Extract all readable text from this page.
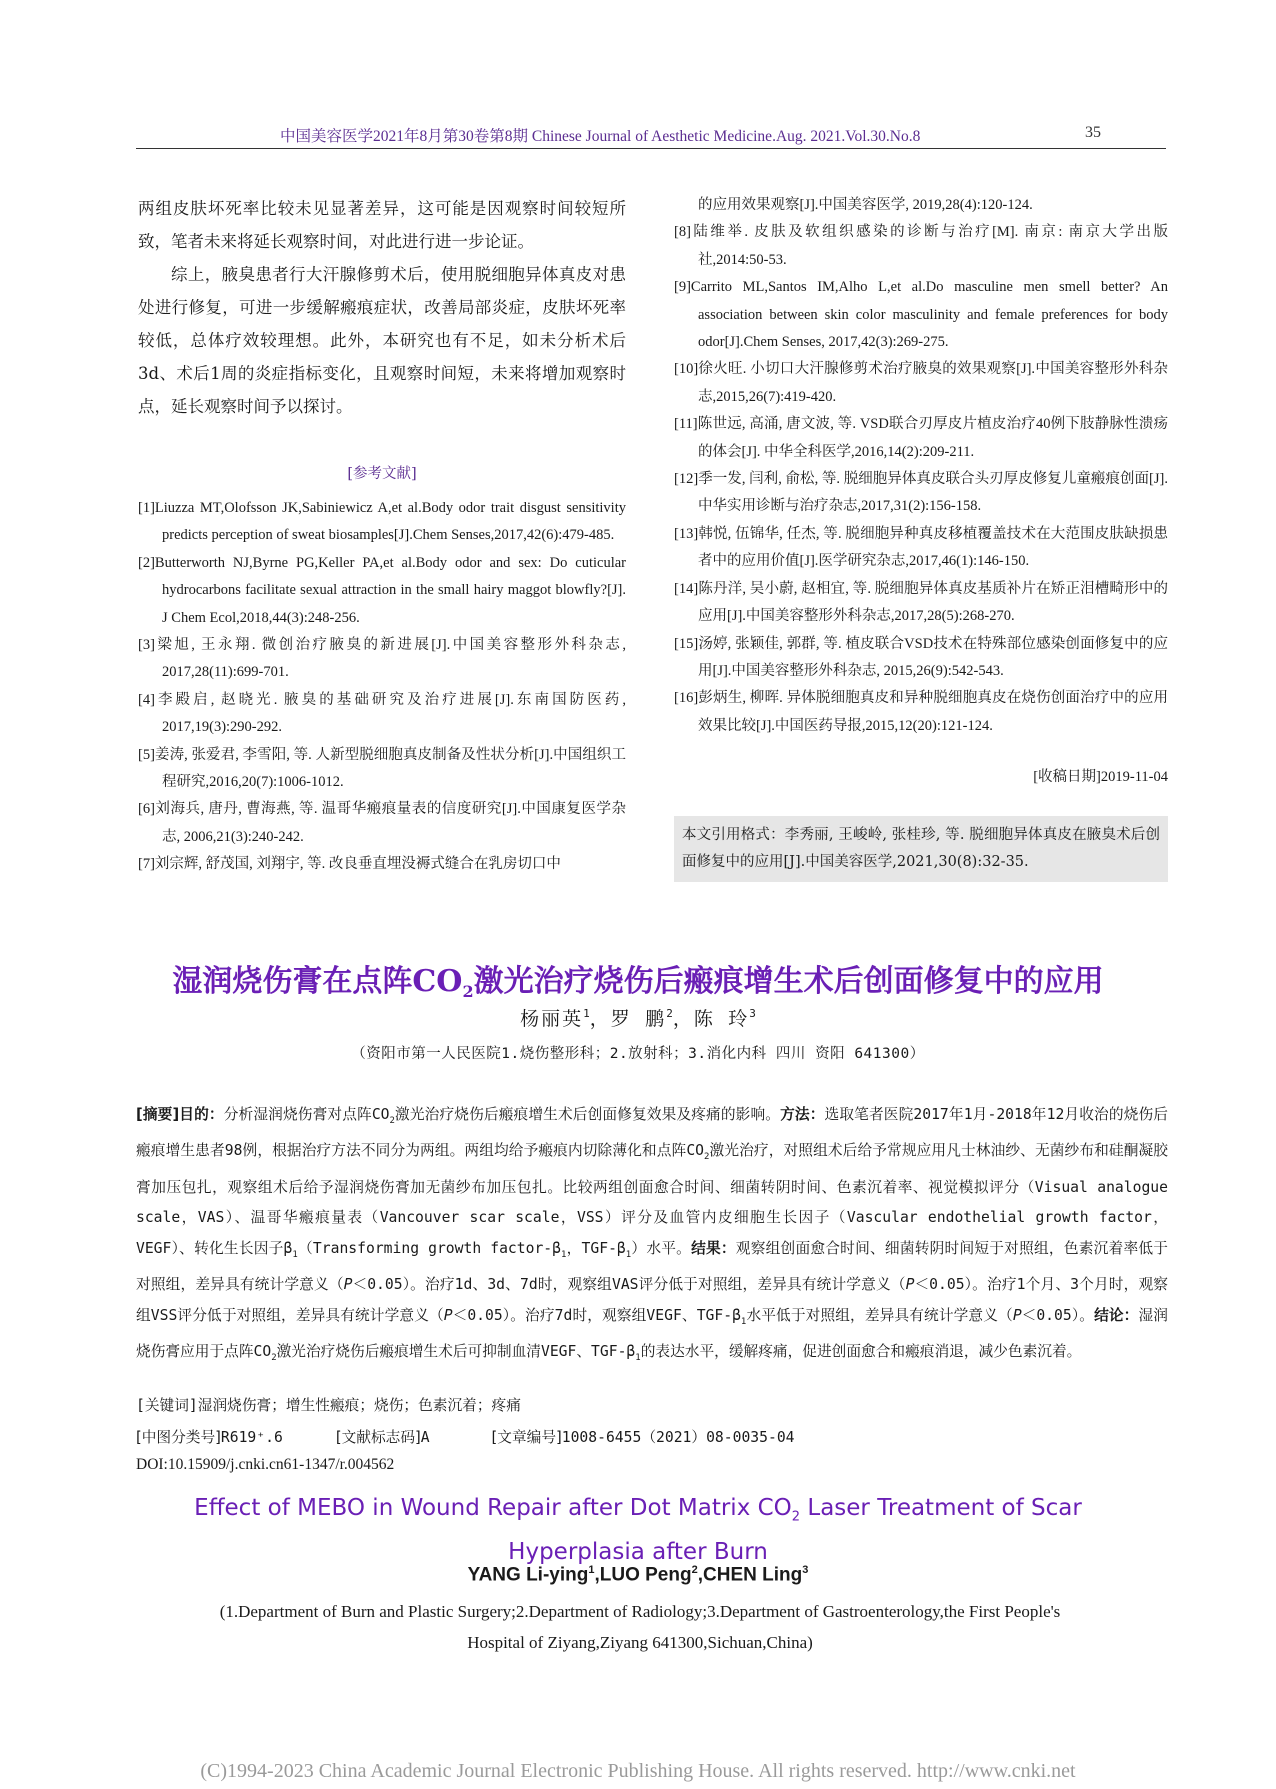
中国美容医学2021年8月第30卷第8期 Chinese Journal of Aesthetic Medicine.Aug. 2021.Vol.30.No.8	35

两组皮肤坏死率比较未见显著差异，这可能是因观察时间较短所致，笔者未来将延长观察时间，对此进行进一步论证。

综上，腋臭患者行大汗腺修剪术后，使用脱细胞异体真皮对患处进行修复，可进一步缓解瘢痕症状，改善局部炎症，皮肤坏死率较低，总体疗效较理想。此外，本研究也有不足，如未分析术后3d、术后1周的炎症指标变化，且观察时间短，未来将增加观察时点，延长观察时间予以探讨。

[参考文献]

[1]Liuzza MT,Olofsson JK,Sabiniewicz A,et al.Body odor trait disgust sensitivity predicts perception of sweat biosamples[J].Chem Senses,2017,42(6):479-485.

[2]Butterworth NJ,Byrne PG,Keller PA,et al.Body odor and sex: Do cuticular hydrocarbons facilitate sexual attraction in the small hairy maggot blowfly?[J]. J Chem Ecol,2018,44(3):248-256.

[3]梁旭, 王永翔. 微创治疗腋臭的新进展[J].中国美容整形外科杂志, 2017,28(11):699-701.

[4]李殿启, 赵晓光. 腋臭的基础研究及治疗进展[J].东南国防医药, 2017,19(3):290-292.

[5]姜涛, 张爱君, 李雪阳, 等. 人新型脱细胞真皮制备及性状分析[J].中国组织工程研究,2016,20(7):1006-1012.

[6]刘海兵, 唐丹, 曹海燕, 等. 温哥华瘢痕量表的信度研究[J].中国康复医学杂志, 2006,21(3):240-242.

[7]刘宗辉, 舒茂国, 刘翔宇, 等. 改良垂直埋没褥式缝合在乳房切口中

的应用效果观察[J].中国美容医学, 2019,28(4):120-124.

[8]陆维举. 皮肤及软组织感染的诊断与治疗[M]. 南京: 南京大学出版社,2014:50-53.

[9]Carrito ML,Santos IM,Alho L,et al.Do masculine men smell better? An association between skin color masculinity and female preferences for body odor[J].Chem Senses, 2017,42(3):269-275.

[10]徐火旺. 小切口大汗腺修剪术治疗腋臭的效果观察[J].中国美容整形外科杂志,2015,26(7):419-420.

[11]陈世远, 高涌, 唐文波, 等. VSD联合刃厚皮片植皮治疗40例下肢静脉性溃疡的体会[J]. 中华全科医学,2016,14(2):209-211.

[12]季一发, 闫利, 俞松, 等. 脱细胞异体真皮联合头刃厚皮修复儿童瘢痕创面[J].中华实用诊断与治疗杂志,2017,31(2):156-158.

[13]韩悦, 伍锦华, 任杰, 等. 脱细胞异种真皮移植覆盖技术在大范围皮肤缺损患者中的应用价值[J].医学研究杂志,2017,46(1):146-150.

[14]陈丹洋, 吴小蔚, 赵相宜, 等. 脱细胞异体真皮基质补片在矫正泪槽畸形中的应用[J].中国美容整形外科杂志,2017,28(5):268-270.

[15]汤婷, 张颖佳, 郭群, 等. 植皮联合VSD技术在特殊部位感染创面修复中的应用[J].中国美容整形外科杂志, 2015,26(9):542-543.

[16]彭炳生, 柳晖. 异体脱细胞真皮和异种脱细胞真皮在烧伤创面治疗中的应用效果比较[J].中国医药导报,2015,12(20):121-124.

[收稿日期]2019-11-04
本文引用格式：李秀丽, 王峻岭, 张桂珍, 等. 脱细胞异体真皮在腋臭术后创面修复中的应用[J].中国美容医学,2021,30(8):32-35.
湿润烧伤膏在点阵$CO_2$激光治疗烧伤后瘢痕增生术后创面修复中的应用
杨丽英$^1$，罗 鹏$^2$，陈 玲$^3$
（资阳市第一人民医院1.烧伤整形科；2.放射科；3.消化内科 四川 资阳 641300）
[摘要]目的：分析湿润烧伤膏对点阵$CO_2$激光治疗烧伤后瘢痕增生术后创面修复效果及疼痛的影响。方法：选取笔者医院2017年1月-2018年12月收治的烧伤后瘢痕增生患者98例，根据治疗方法不同分为两组。两组均给予瘢痕内切除薄化和点阵$CO_2$激光治疗，对照组术后给予常规应用凡士林油纱、无菌纱布和硅酮凝胶膏加压包扎，观察组术后给予湿润烧伤膏加无菌纱布加压包扎。比较两组创面愈合时间、细菌转阴时间、色素沉着率、视觉模拟评分（Visual analogue scale，VAS）、温哥华瘢痕量表（Vancouver scar scale，VSS）评分及血管内皮细胞生长因子（Vascular endothelial growth factor，VEGF）、转化生长因子$\beta_1(Transforming$ growth factor-$\beta_1$，TGF-$\beta_1$）水平。结果：观察组创面愈合时间、细菌转阴时间短于对照组，色素沉着率低于对照组，差异具有统计学意义（P＜0.05）。治疗1d、3d、7d时，观察组VAS评分低于对照组，差异具有统计学意义（P＜0.05）。治疗1个月、3个月时，观察组VSS评分低于对照组，差异具有统计学意义（P＜0.05）。治疗7d时，观察组VEGF、TGF-$\beta_1$水平低于对照组，差异具有统计学意义（P＜0.05）。结论：湿润烧伤膏应用于点阵$CO_2$激光治疗烧伤后瘢痕增生术后可抑制血清VEGF、TGF-$\beta_1$的表达水平，缓解疼痛，促进创面愈合和瘢痕消退，减少色素沉着。
[关键词]湿润烧伤膏；增生性瘢痕；烧伤；色素沉着；疼痛
[中图分类号]R619⁺.6	[文献标志码]A	[文章编号]1008-6455（2021）08-0035-04
DOI:10.15909/j.cnki.cn61-1347/r.004562
Effect of MEBO in Wound Repair after Dot Matrix $CO_2$ Laser Treatment of Scar
Hyperplasia after Burn
YANG Li-ying$^1$,LUO Peng$^2$,CHEN Ling$^3$
(1.Department of Burn and Plastic Surgery;2.Department of Radiology;3.Department of Gastroenterology,the First People's
Hospital of Ziyang,Ziyang 641300,Sichuan,China)
(C)1994-2023 China Academic Journal Electronic Publishing House. All rights reserved. http://www.cnki.net
